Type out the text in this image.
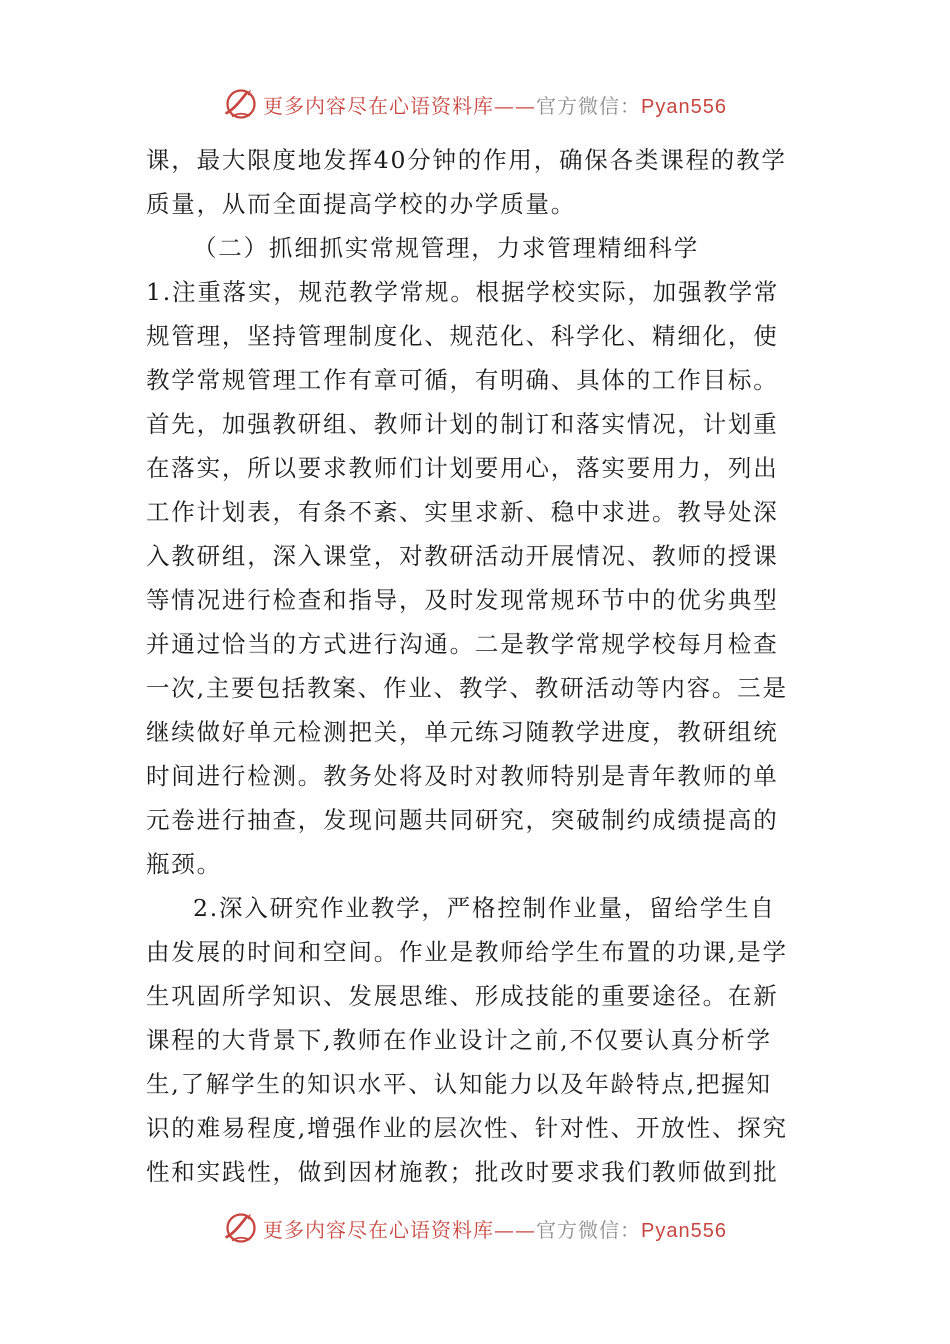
更多内容尽在心语资料库——官方微信：Pyan556
课，最大限度地发挥40分钟的作用，确保各类课程的教学
质量，从而全面提高学校的办学质量。
（二）抓细抓实常规管理，力求管理精细科学
1.注重落实，规范教学常规。根据学校实际，加强教学常
规管理，坚持管理制度化、规范化、科学化、精细化，使
教学常规管理工作有章可循，有明确、具体的工作目标。
首先，加强教研组、教师计划的制订和落实情况，计划重
在落实，所以要求教师们计划要用心，落实要用力，列出
工作计划表，有条不紊、实里求新、稳中求进。教导处深
入教研组，深入课堂，对教研活动开展情况、教师的授课
等情况进行检查和指导，及时发现常规环节中的优劣典型
并通过恰当的方式进行沟通。二是教学常规学校每月检查
一次,主要包括教案、作业、教学、教研活动等内容。三是
继续做好单元检测把关，单元练习随教学进度，教研组统
时间进行检测。教务处将及时对教师特别是青年教师的单
元卷进行抽查，发现问题共同研究，突破制约成绩提高的
瓶颈。
2.深入研究作业教学，严格控制作业量，留给学生自
由发展的时间和空间。作业是教师给学生布置的功课,是学
生巩固所学知识、发展思维、形成技能的重要途径。在新
课程的大背景下,教师在作业设计之前,不仅要认真分析学
生,了解学生的知识水平、认知能力以及年龄特点,把握知
识的难易程度,增强作业的层次性、针对性、开放性、探究
性和实践性，做到因材施教；批改时要求我们教师做到批
更多内容尽在心语资料库——官方微信：Pyan556
